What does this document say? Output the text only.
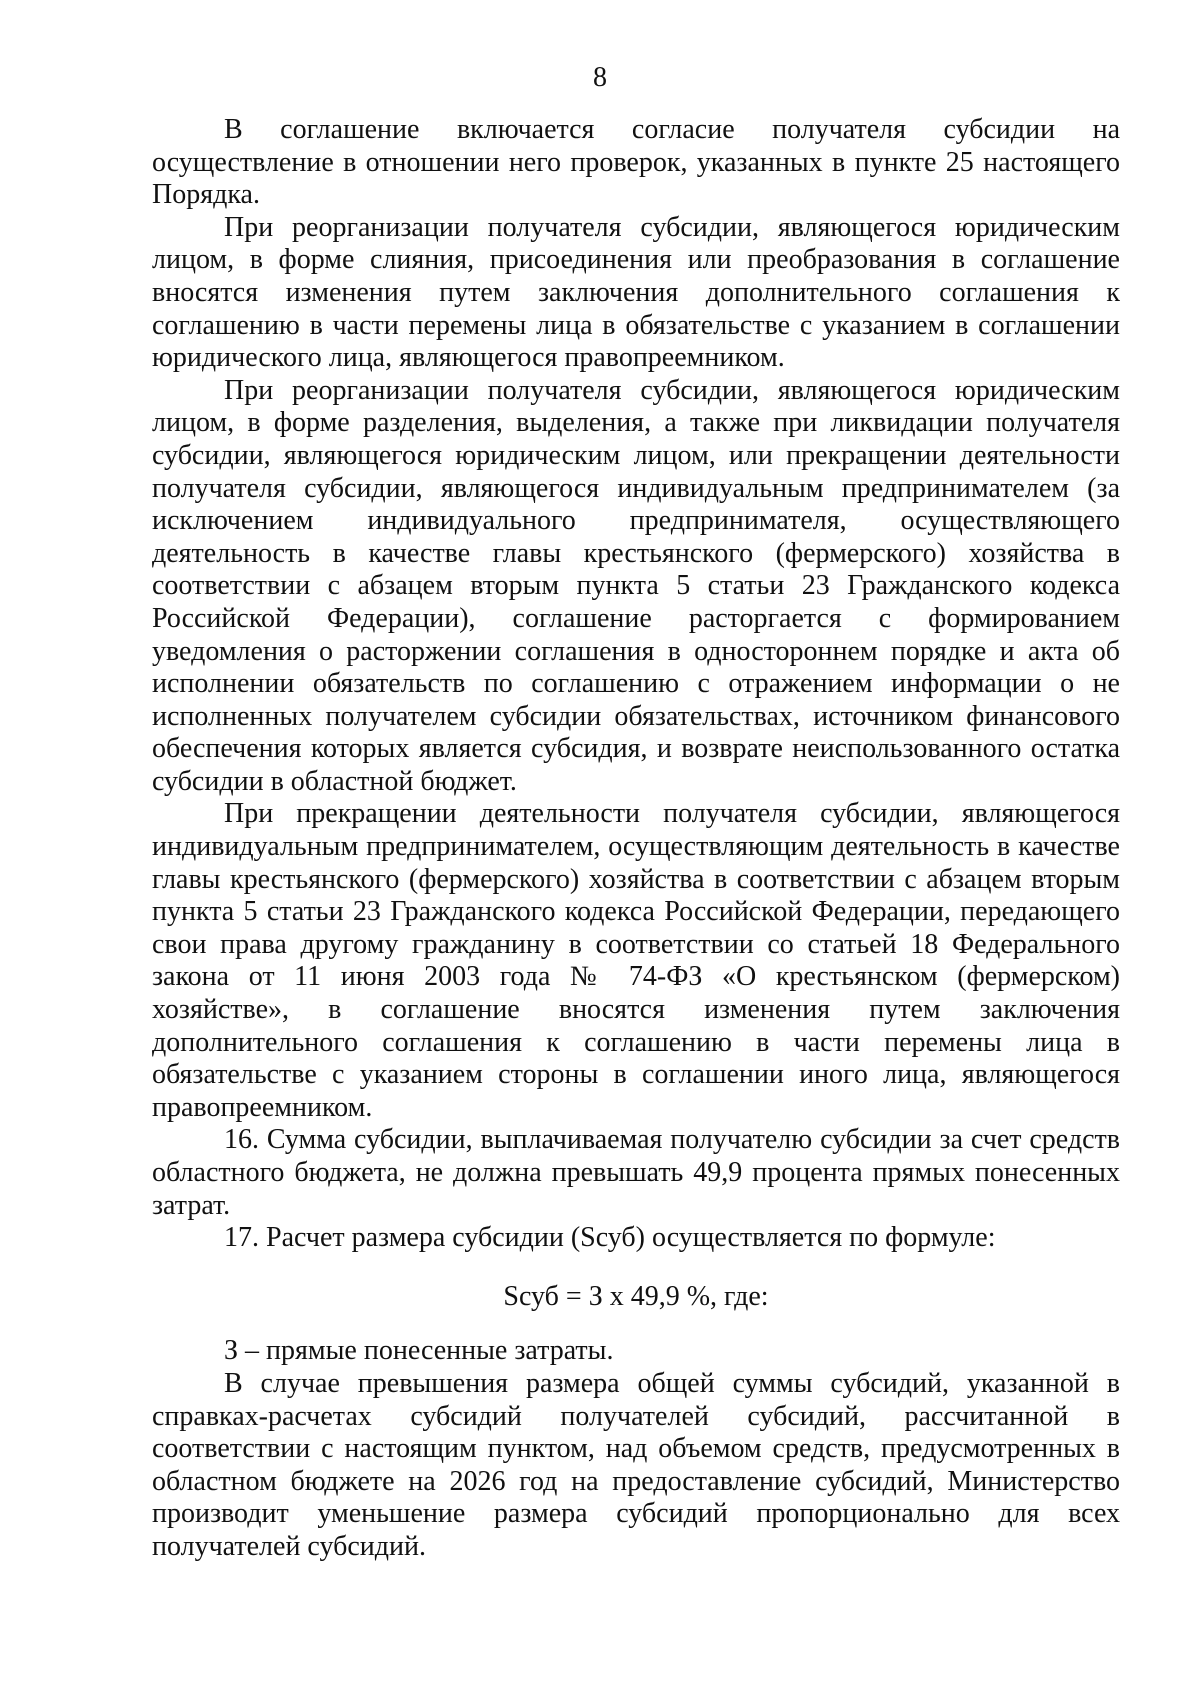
8

В соглашение включается согласие получателя субсидии на осуществление в отношении него проверок, указанных в пункте 25 настоящего Порядка.

При реорганизации получателя субсидии, являющегося юридическим лицом, в форме слияния, присоединения или преобразования в соглашение вносятся изменения путем заключения дополнительного соглашения к соглашению в части перемены лица в обязательстве с указанием в соглашении юридического лица, являющегося правопреемником.

При реорганизации получателя субсидии, являющегося юридическим лицом, в форме разделения, выделения, а также при ликвидации получателя субсидии, являющегося юридическим лицом, или прекращении деятельности получателя субсидии, являющегося индивидуальным предпринимателем (за исключением индивидуального предпринимателя, осуществляющего деятельность в качестве главы крестьянского (фермерского) хозяйства в соответствии с абзацем вторым пункта 5 статьи 23 Гражданского кодекса Российской Федерации), соглашение расторгается с формированием уведомления о расторжении соглашения в одностороннем порядке и акта об исполнении обязательств по соглашению с отражением информации о не исполненных получателем субсидии обязательствах, источником финансового обеспечения которых является субсидия, и возврате неиспользованного остатка субсидии в областной бюджет.

При прекращении деятельности получателя субсидии, являющегося индивидуальным предпринимателем, осуществляющим деятельность в качестве главы крестьянского (фермерского) хозяйства в соответствии с абзацем вторым пункта 5 статьи 23 Гражданского кодекса Российской Федерации, передающего свои права другому гражданину в соответствии со статьей 18 Федерального закона от 11 июня 2003 года № 74-ФЗ «О крестьянском (фермерском) хозяйстве», в соглашение вносятся изменения путем заключения дополнительного соглашения к соглашению в части перемены лица в обязательстве с указанием стороны в соглашении иного лица, являющегося правопреемником.

16. Сумма субсидии, выплачиваемая получателю субсидии за счет средств областного бюджета, не должна превышать 49,9 процента прямых понесенных затрат.

17. Расчет размера субсидии (Sсуб) осуществляется по формуле:

Sсуб = З х 49,9 %, где:

З – прямые понесенные затраты.

В случае превышения размера общей суммы субсидий, указанной в справках-расчетах субсидий получателей субсидий, рассчитанной в соответствии с настоящим пунктом, над объемом средств, предусмотренных в областном бюджете на 2026 год на предоставление субсидий, Министерство производит уменьшение размера субсидий пропорционально для всех получателей субсидий.
